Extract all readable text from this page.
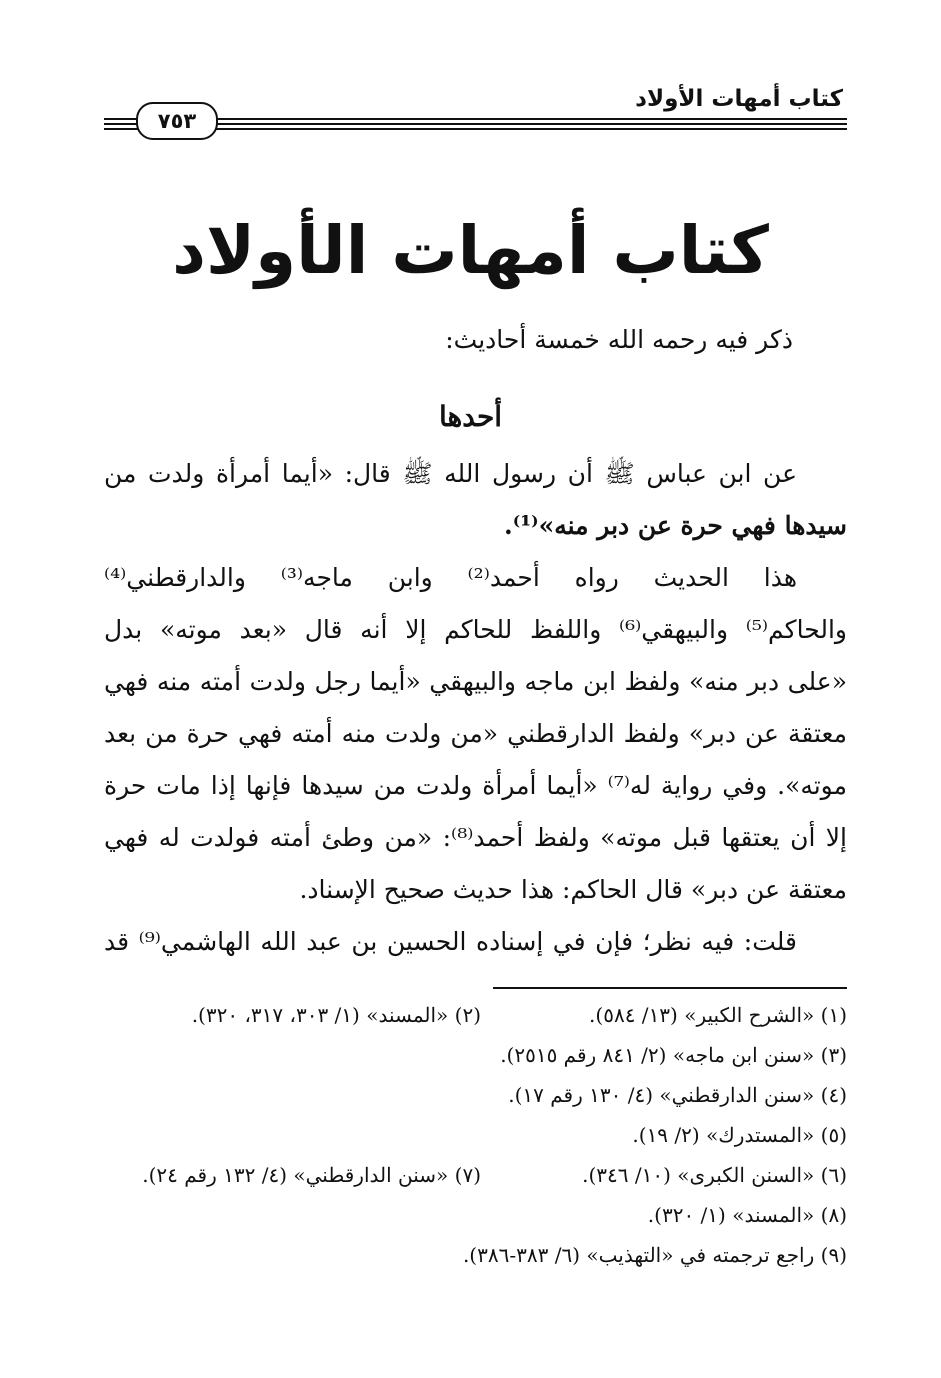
كتاب أمهات الأولاد
٧٥٣
كتاب أمهات الأولاد
ذكر فيه رحمه الله خمسة أحاديث:
أحدها
عن ابن عباس ﷺ أن رسول الله ﷺ قال: «أيما أمرأة ولدت من
سيدها فهي حرة عن دبر منه»⁽¹⁾.
هذا الحديث رواه أحمد⁽²⁾ وابن ماجه⁽³⁾ والدارقطني⁽⁴⁾
والحاكم⁽⁵⁾ والبيهقي⁽⁶⁾ واللفظ للحاكم إلا أنه قال «بعد موته» بدل
«على دبر منه» ولفظ ابن ماجه والبيهقي «أيما رجل ولدت أمته منه فهي
معتقة عن دبر» ولفظ الدارقطني «من ولدت منه أمته فهي حرة من بعد
موته». وفي رواية له⁽⁷⁾ «أيما أمرأة ولدت من سيدها فإنها إذا مات حرة
إلا أن يعتقها قبل موته» ولفظ أحمد⁽⁸⁾: «من وطئ أمته فولدت له فهي
معتقة عن دبر» قال الحاكم: هذا حديث صحيح الإسناد.
قلت: فيه نظر؛ فإن في إسناده الحسين بن عبد الله الهاشمي⁽⁹⁾ قد
(١) «الشرح الكبير» (١٣/ ٥٨٤).
(٢) «المسند» (١/ ٣٠٣، ٣١٧، ٣٢٠).
(٣) «سنن ابن ماجه» (٢/ ٨٤١ رقم ٢٥١٥).
(٤) «سنن الدارقطني» (٤/ ١٣٠ رقم ١٧).
(٥) «المستدرك» (٢/ ١٩).
(٦) «السنن الكبرى» (١٠/ ٣٤٦).
(٧) «سنن الدارقطني» (٤/ ١٣٢ رقم ٢٤).
(٨) «المسند» (١/ ٣٢٠).
(٩) راجع ترجمته في «التهذيب» (٦/ ٣٨٣-٣٨٦).
